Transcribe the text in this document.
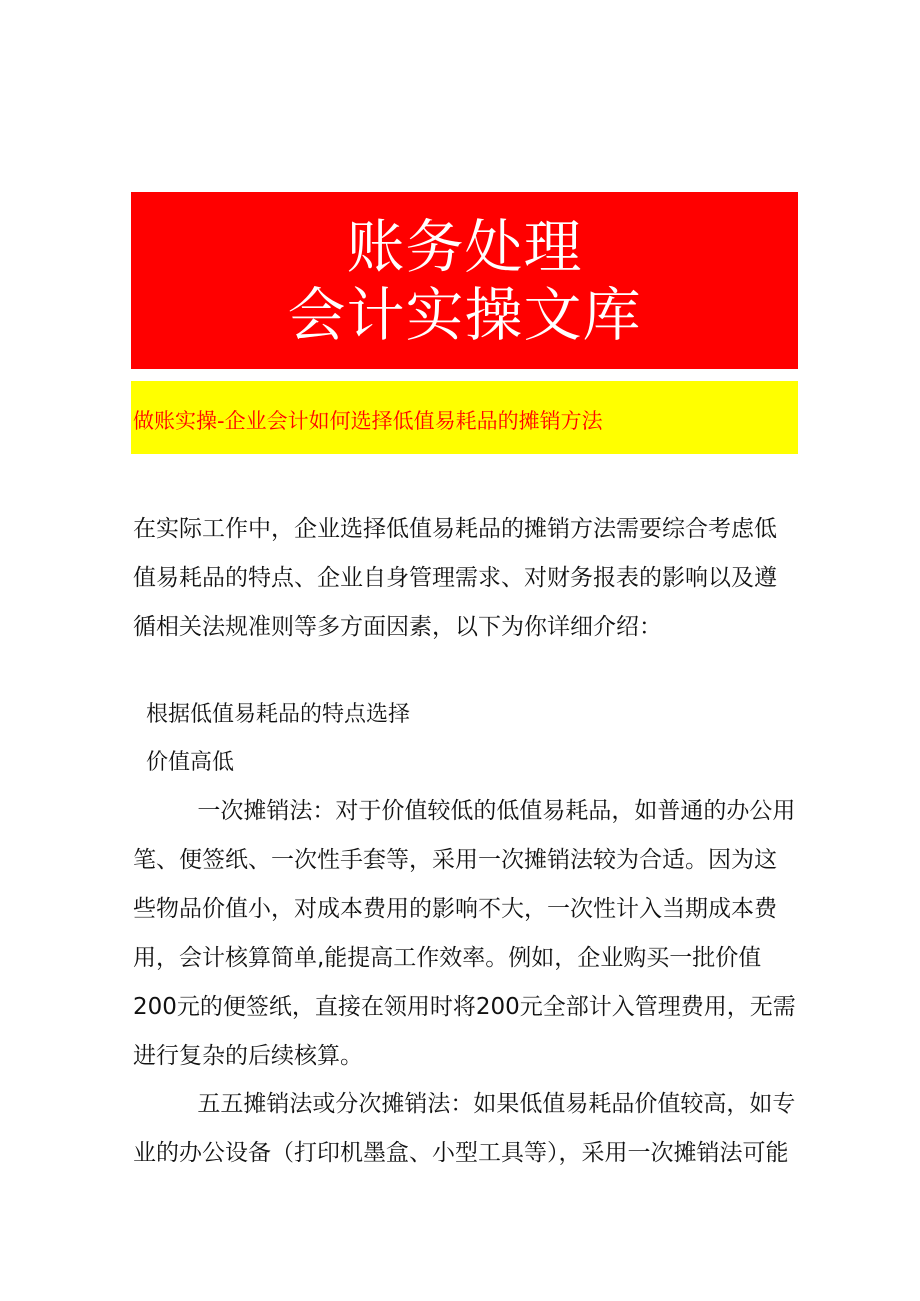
账务处理
会计实操文库
做账实操-企业会计如何选择低值易耗品的摊销方法

在实际工作中，企业选择低值易耗品的摊销方法需要综合考虑低值易耗品的特点、企业自身管理需求、对财务报表的影响以及遵循相关法规准则等多方面因素，以下为你详细介绍：

根据低值易耗品的特点选择
价值高低

一次摊销法：对于价值较低的低值易耗品，如普通的办公用笔、便签纸、一次性手套等，采用一次摊销法较为合适。因为这些物品价值小，对成本费用的影响不大，一次性计入当期成本费用，会计核算简单,能提高工作效率。例如，企业购买一批价值200元的便签纸，直接在领用时将200元全部计入管理费用，无需进行复杂的后续核算。

五五摊销法或分次摊销法：如果低值易耗品价值较高，如专业的办公设备（打印机墨盒、小型工具等），采用一次摊销法可能
